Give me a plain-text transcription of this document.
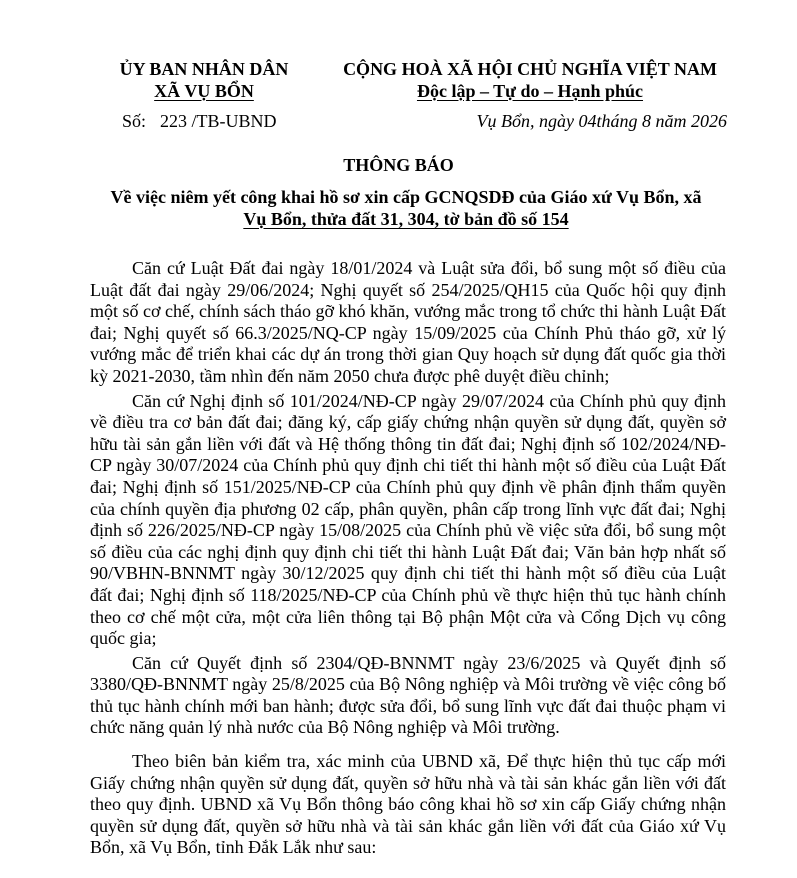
ỦY BAN NHÂN DÂN
XÃ VỤ BỔN
CỘNG HOÀ XÃ HỘI CHỦ NGHĨA VIỆT NAM
Độc lập – Tự do – Hạnh phúc
Số: 223 /TB-UBND	Vụ Bổn, ngày 04tháng 8 năm 2026
THÔNG BÁO
Về việc niêm yết công khai hồ sơ xin cấp GCNQSDĐ của Giáo xứ Vụ Bổn, xã
Vụ Bổn, thửa đất 31, 304, tờ bản đồ số 154

Căn cứ Luật Đất đai ngày 18/01/2024 và Luật sửa đổi, bổ sung một số điều của Luật đất đai ngày 29/06/2024; Nghị quyết số 254/2025/QH15 của Quốc hội quy định một số cơ chế, chính sách tháo gỡ khó khăn, vướng mắc trong tổ chức thi hành Luật Đất đai; Nghị quyết số 66.3/2025/NQ-CP ngày 15/09/2025 của Chính Phủ tháo gỡ, xử lý vướng mắc để triển khai các dự án trong thời gian Quy hoạch sử dụng đất quốc gia thời kỳ 2021-2030, tầm nhìn đến năm 2050 chưa được phê duyệt điều chỉnh;

Căn cứ Nghị định số 101/2024/NĐ-CP ngày 29/07/2024 của Chính phủ quy định về điều tra cơ bản đất đai; đăng ký, cấp giấy chứng nhận quyền sử dụng đất, quyền sở hữu tài sản gắn liền với đất và Hệ thống thông tin đất đai; Nghị định số 102/2024/NĐ-CP ngày 30/07/2024 của Chính phủ quy định chi tiết thi hành một số điều của Luật Đất đai; Nghị định số 151/2025/NĐ-CP của Chính phủ quy định về phân định thẩm quyền của chính quyền địa phương 02 cấp, phân quyền, phân cấp trong lĩnh vực đất đai; Nghị định số 226/2025/NĐ-CP ngày 15/08/2025 của Chính phủ về việc sửa đổi, bổ sung một số điều của các nghị định quy định chi tiết thi hành Luật Đất đai; Văn bản hợp nhất số 90/VBHN-BNNMT ngày 30/12/2025 quy định chi tiết thi hành một số điều của Luật đất đai; Nghị định số 118/2025/NĐ-CP của Chính phủ về thực hiện thủ tục hành chính theo cơ chế một cửa, một cửa liên thông tại Bộ phận Một cửa và Cổng Dịch vụ công quốc gia;

Căn cứ Quyết định số 2304/QĐ-BNNMT ngày 23/6/2025 và Quyết định số 3380/QĐ-BNNMT ngày 25/8/2025 của Bộ Nông nghiệp và Môi trường về việc công bố thủ tục hành chính mới ban hành; được sửa đổi, bổ sung lĩnh vực đất đai thuộc phạm vi chức năng quản lý nhà nước của Bộ Nông nghiệp và Môi trường.

Theo biên bản kiểm tra, xác minh của UBND xã, Để thực hiện thủ tục cấp mới Giấy chứng nhận quyền sử dụng đất, quyền sở hữu nhà và tài sản khác gắn liền với đất theo quy định. UBND xã Vụ Bổn thông báo công khai hồ sơ xin cấp Giấy chứng nhận quyền sử dụng đất, quyền sở hữu nhà và tài sản khác gắn liền với đất của Giáo xứ Vụ Bổn, xã Vụ Bổn, tỉnh Đắk Lắk như sau:
